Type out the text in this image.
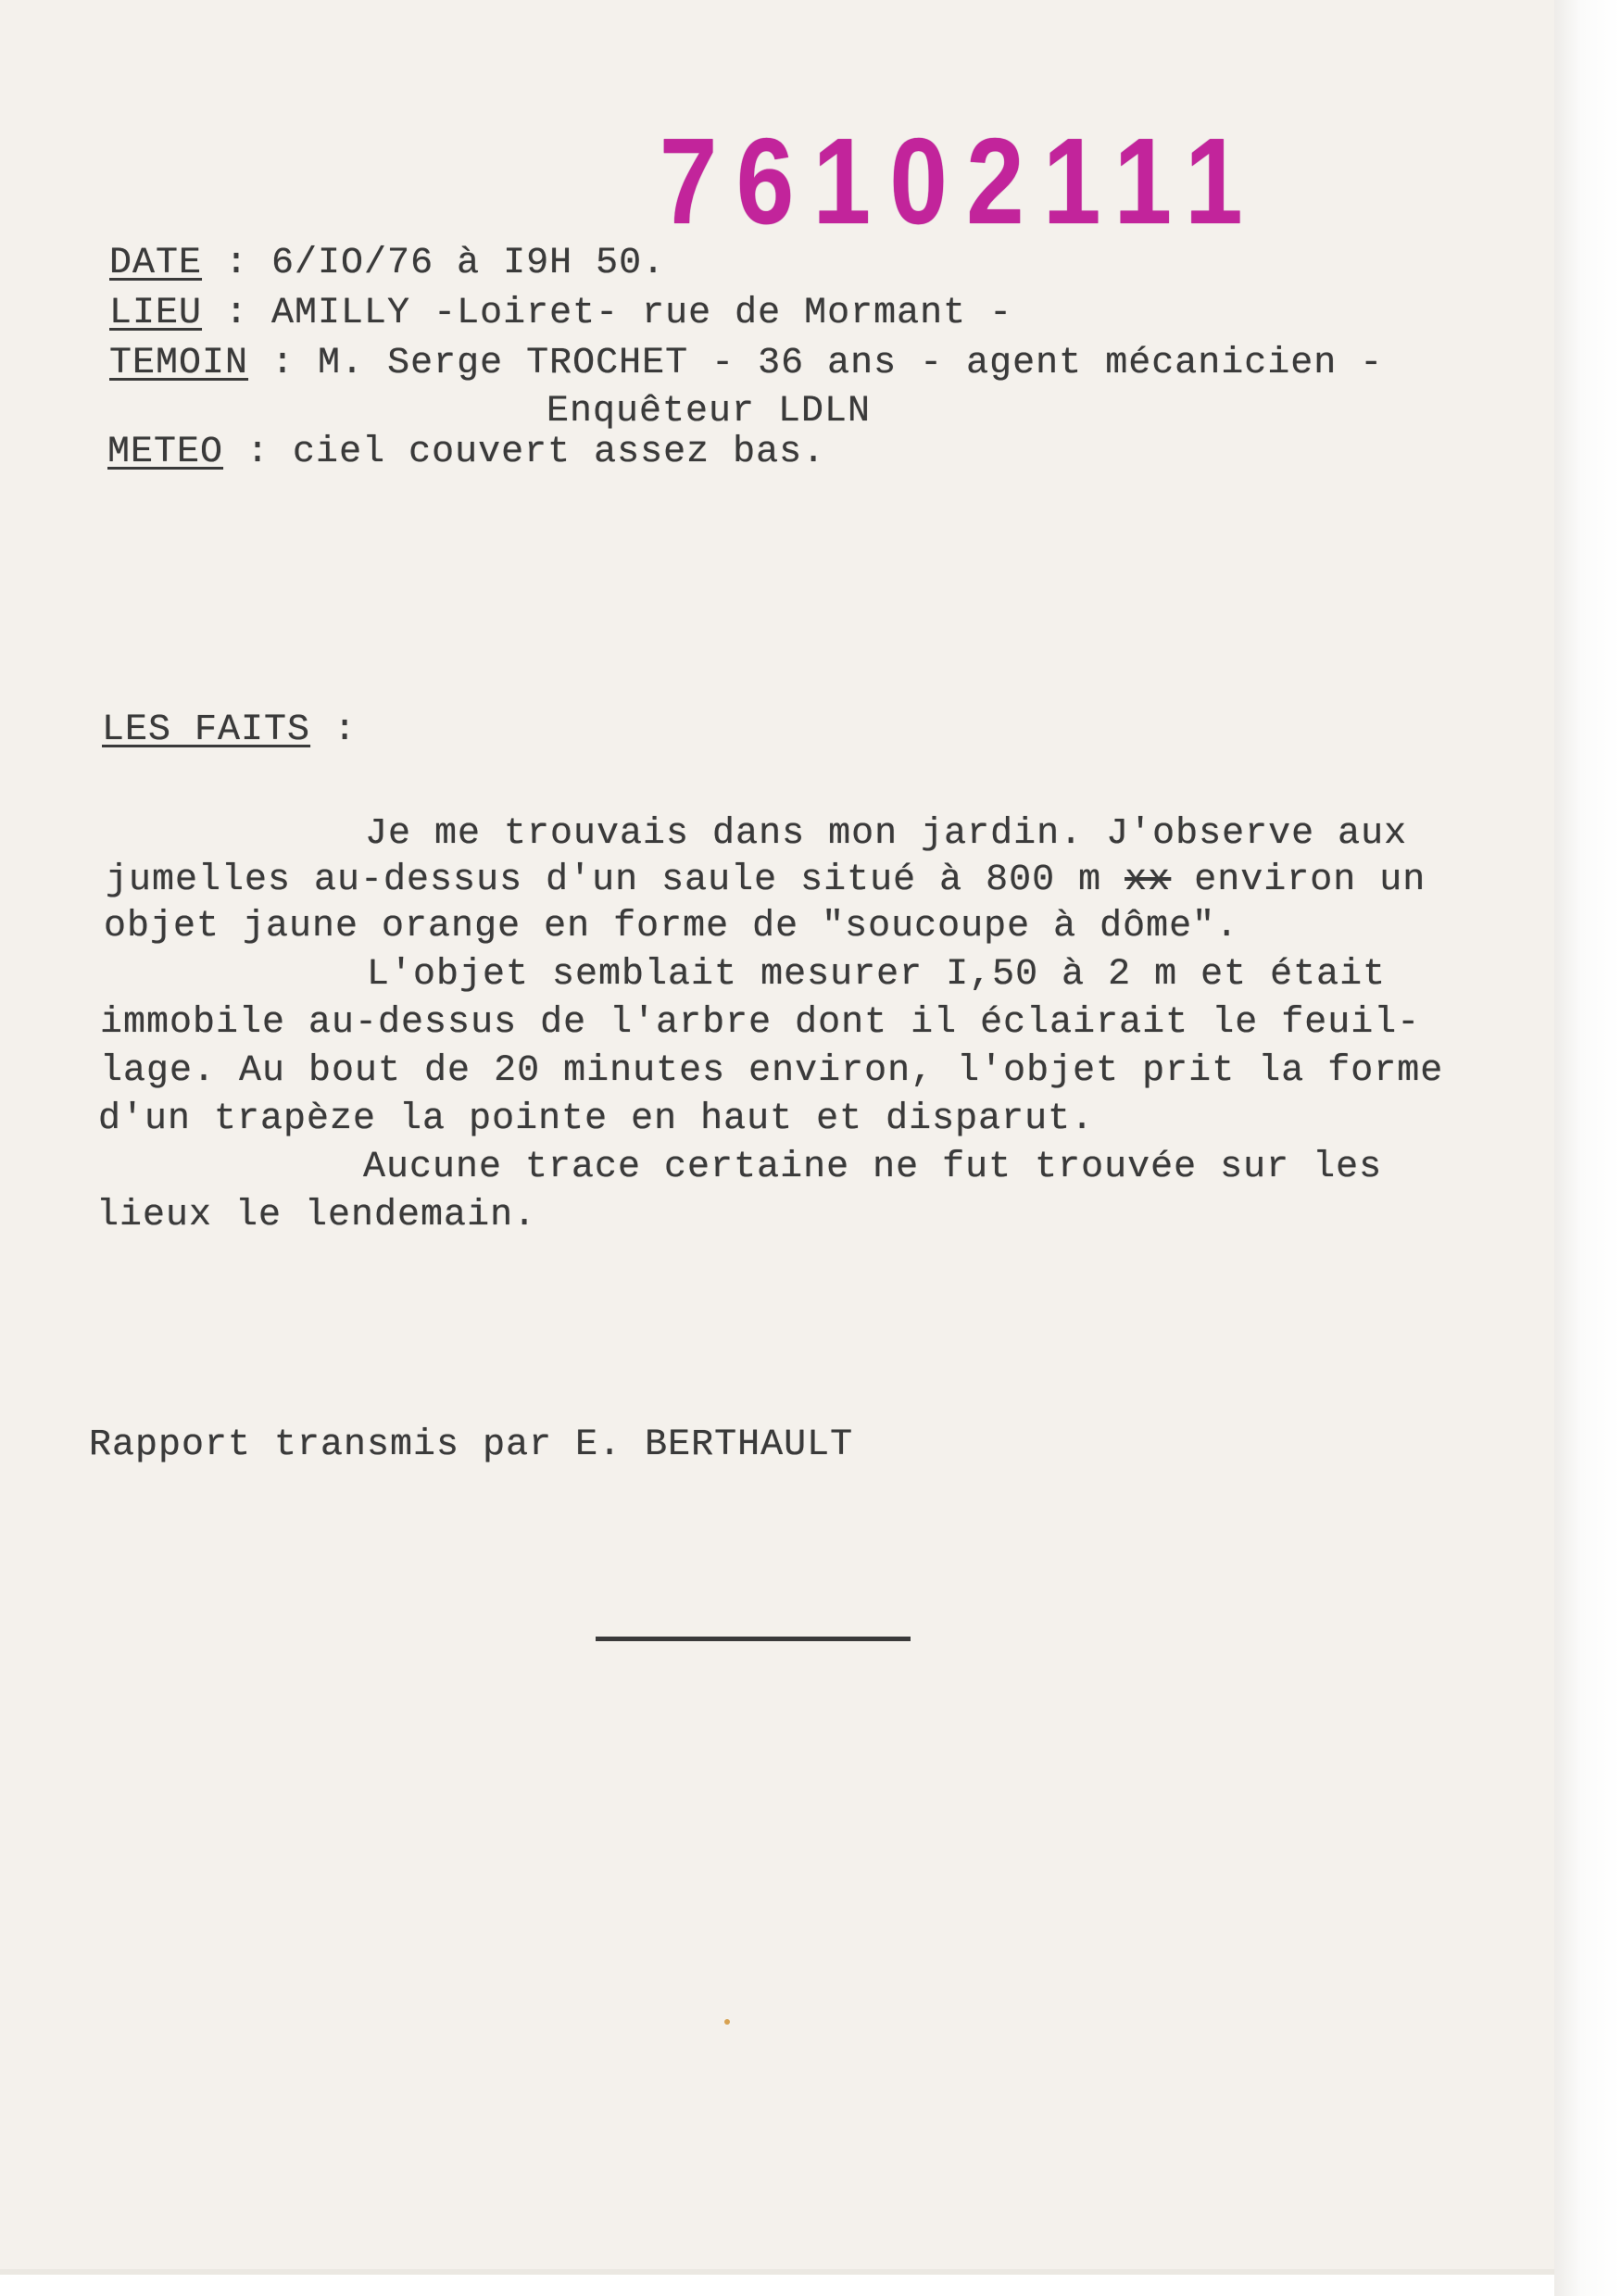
76102111
DATE : 6/IO/76 à I9H 50.
LIEU : AMILLY -Loiret- rue de Mormant -
TEMOIN : M. Serge TROCHET - 36 ans - agent mécanicien -
Enquêteur LDLN
METEO : ciel couvert assez bas.
LES FAITS :
Je me trouvais dans mon jardin. J'observe aux
jumelles au-dessus d'un saule situé à 800 m xx environ un
objet jaune orange en forme de "soucoupe à dôme".
L'objet semblait mesurer I,50 à 2 m et était
immobile au-dessus de l'arbre dont il éclairait le feuil-
lage. Au bout de 20 minutes environ, l'objet prit la forme
d'un trapèze la pointe en haut et disparut.
Aucune trace certaine ne fut trouvée sur les
lieux le lendemain.
Rapport transmis par E. BERTHAULT
